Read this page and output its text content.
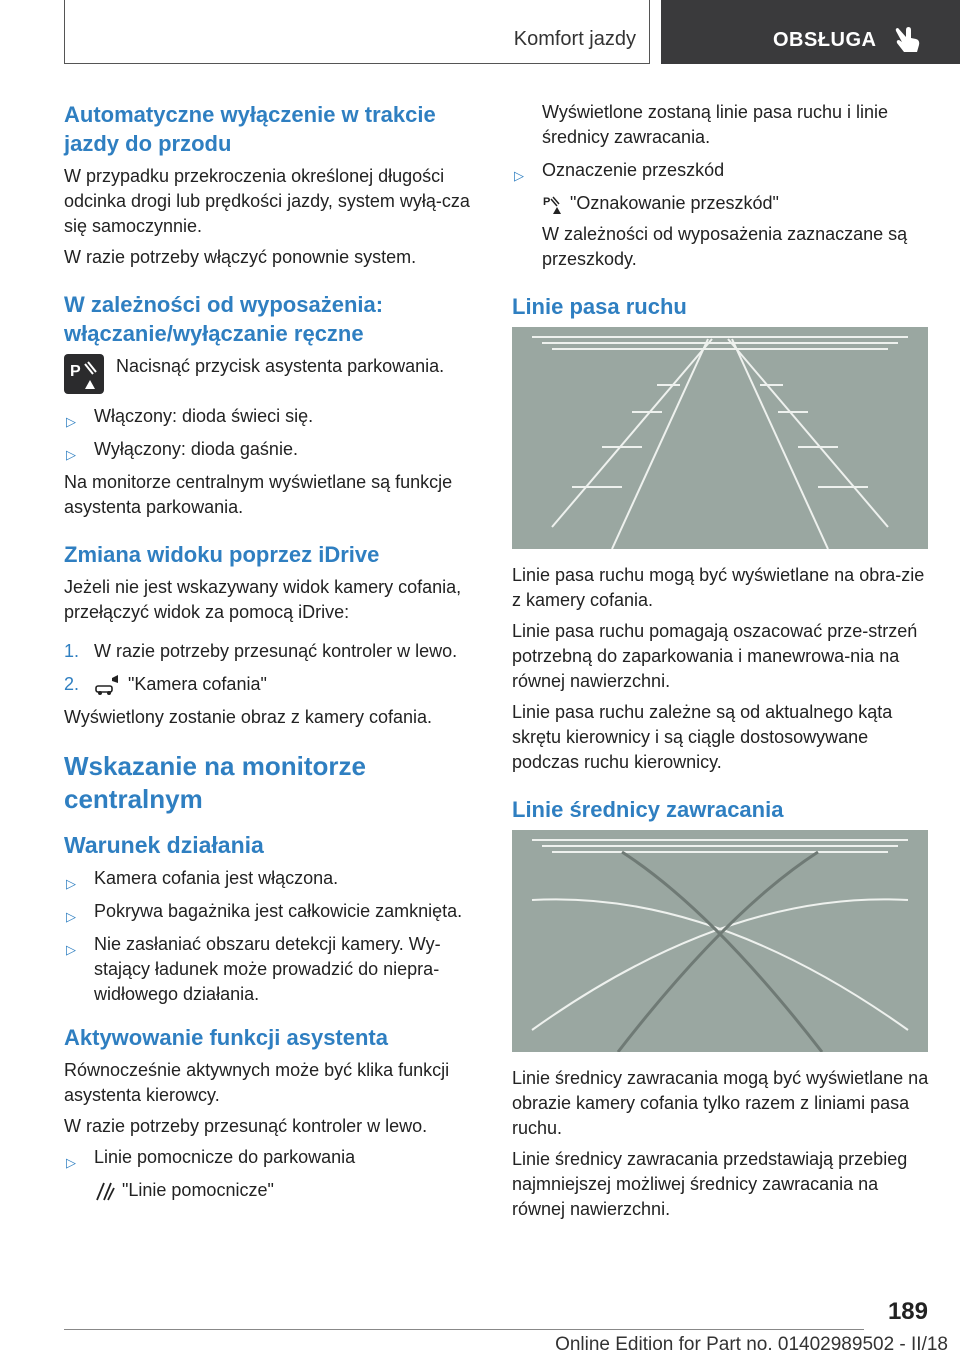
Komfort jazdy	OBSŁUGA
Automatyczne wyłączenie w trakcie jazdy do przodu

W przypadku przekroczenia określonej długości odcinka drogi lub prędkości jazdy, system wyłą-cza się samoczynnie.

W razie potrzeby włączyć ponownie system.

W zależności od wyposażenia: włączanie/wyłączanie ręczne
P Nacisnąć przycisk asystenta parkowania.
▷ Włączony: dioda świeci się.
▷ Wyłączony: dioda gaśnie.

Na monitorze centralnym wyświetlane są funkcje asystenta parkowania.

Zmiana widoku poprzez iDrive

Jeżeli nie jest wskazywany widok kamery cofania, przełączyć widok za pomocą iDrive:

1. W razie potrzeby przesunąć kontroler w lewo.
2.	"Kamera cofania"

Wyświetlony zostanie obraz z kamery cofania.

Wskazanie na monitorze centralnym
Warunek działania
▷ Kamera cofania jest włączona.
▷ Pokrywa bagażnika jest całkowicie zamknięta.
▷ Nie zasłaniać obszaru detekcji kamery. Wy-stający ładunek może prowadzić do niepra-widłowego działania.
Aktywowanie funkcji asystenta

Równocześnie aktywnych może być klika funkcji asystenta kierowcy.

W razie potrzeby przesunąć kontroler w lewo.

▷ Linie pomocnicze do parkowania
"Linie pomocnicze"

Wyświetlone zostaną linie pasa ruchu i linie średnicy zawracania.

▷ Oznaczenie przeszkód
P "Oznakowanie przeszkód"

W zależności od wyposażenia zaznaczane są przeszkody.

Linie pasa ruchu

Linie pasa ruchu mogą być wyświetlane na obra-zie z kamery cofania.

Linie pasa ruchu pomagają oszacować prze-strzeń potrzebną do zaparkowania i manewrowa-nia na równej nawierzchni.

Linie pasa ruchu zależne są od aktualnego kąta skrętu kierownicy i są ciągle dostosowywane podczas ruchu kierownicy.

Linie średnicy zawracania

Linie średnicy zawracania mogą być wyświetlane na obrazie kamery cofania tylko razem z liniami pasa ruchu.

Linie średnicy zawracania przedstawiają przebieg najmniejszej możliwej średnicy zawracania na równej nawierzchni.

189
Online Edition for Part no. 01402989502 - II/18
